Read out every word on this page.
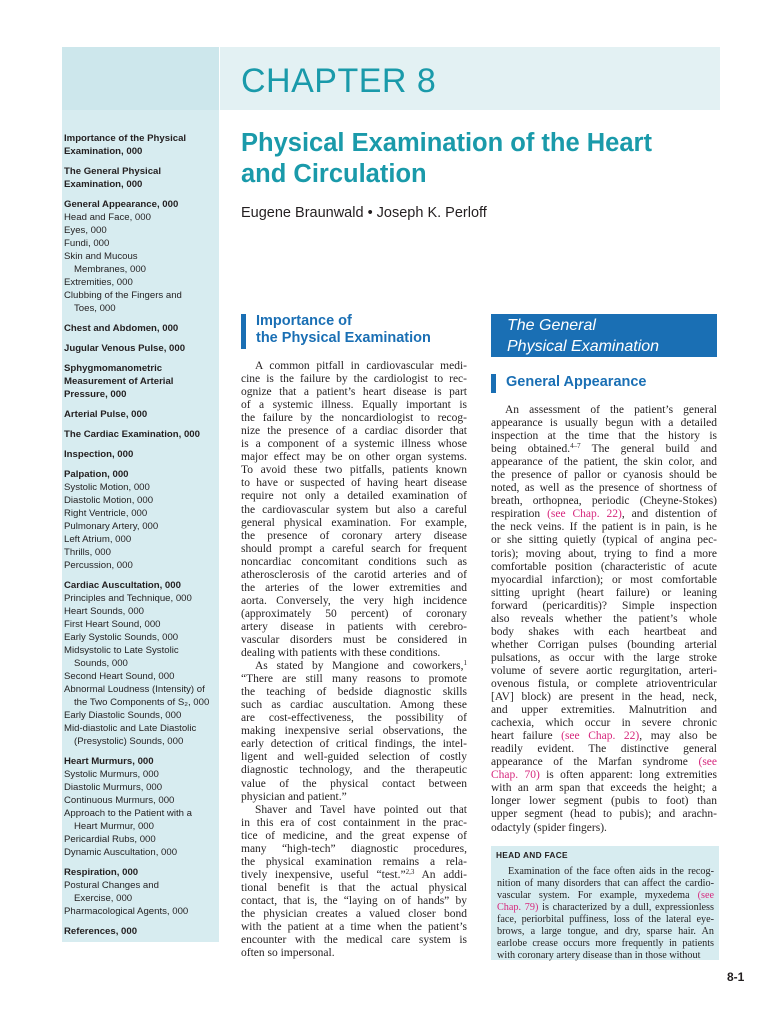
CHAPTER 8
Importance of the Physical
Examination, 000
The General Physical
Examination, 000
General Appearance, 000
Head and Face, 000
Eyes, 000
Fundi, 000
Skin and Mucous
Membranes, 000
Extremities, 000
Clubbing of the Fingers and
Toes, 000
Chest and Abdomen, 000
Jugular Venous Pulse, 000
Sphygmomanometric
Measurement of Arterial
Pressure, 000
Arterial Pulse, 000
The Cardiac Examination, 000
Inspection, 000
Palpation, 000
Systolic Motion, 000
Diastolic Motion, 000
Right Ventricle, 000
Pulmonary Artery, 000
Left Atrium, 000
Thrills, 000
Percussion, 000
Cardiac Auscultation, 000
Principles and Technique, 000
Heart Sounds, 000
First Heart Sound, 000
Early Systolic Sounds, 000
Midsystolic to Late Systolic
Sounds, 000
Second Heart Sound, 000
Abnormal Loudness (Intensity) of
the Two Components of S₂, 000
Early Diastolic Sounds, 000
Mid-diastolic and Late Diastolic
(Presystolic) Sounds, 000
Heart Murmurs, 000
Systolic Murmurs, 000
Diastolic Murmurs, 000
Continuous Murmurs, 000
Approach to the Patient with a
Heart Murmur, 000
Pericardial Rubs, 000
Dynamic Auscultation, 000
Respiration, 000
Postural Changes and
Exercise, 000
Pharmacological Agents, 000
References, 000
Physical Examination of the Heart
and Circulation
Eugene Braunwald • Joseph K. Perloff
Importance of
the Physical Examination
The General
Physical Examination
General Appearance
A common pitfall in cardiovascular medi-
cine is the failure by the cardiologist to rec-
ognize that a patient’s heart disease is part
of a systemic illness. Equally important is
the failure by the noncardiologist to recog-
nize the presence of a cardiac disorder that
is a component of a systemic illness whose
major effect may be on other organ systems.
To avoid these two pitfalls, patients known
to have or suspected of having heart disease
require not only a detailed examination of
the cardiovascular system but also a careful
general physical examination. For example,
the presence of coronary artery disease
should prompt a careful search for frequent
noncardiac concomitant conditions such as
atherosclerosis of the carotid arteries and of
the arteries of the lower extremities and
aorta. Conversely, the very high incidence
(approximately 50 percent) of coronary
artery disease in patients with cerebro-
vascular disorders must be considered in
dealing with patients with these conditions.
As stated by Mangione and coworkers,$^1$
“There are still many reasons to promote
the teaching of bedside diagnostic skills
such as cardiac auscultation. Among these
are cost-effectiveness, the possibility of
making inexpensive serial observations, the
early detection of critical findings, the intel-
ligent and well-guided selection of costly
diagnostic technology, and the therapeutic
value of the physical contact between
physician and patient.”
Shaver and Tavel have pointed out that
in this era of cost containment in the prac-
tice of medicine, and the great expense of
many “high-tech” diagnostic procedures,
the physical examination remains a rela-
tively inexpensive, useful “test.”$^{2,3}$ An addi-
tional benefit is that the actual physical
contact, that is, the “laying on of hands” by
the physician creates a valued closer bond
with the patient at a time when the patient’s
encounter with the medical care system is
often so impersonal.
An assessment of the patient’s general
appearance is usually begun with a detailed
inspection at the time that the history is
being obtained.$^{4-7}$ The general build and
appearance of the patient, the skin color, and
the presence of pallor or cyanosis should be
noted, as well as the presence of shortness of
breath, orthopnea, periodic (Cheyne-Stokes)
respiration (see Chap. 22), and distention of
the neck veins. If the patient is in pain, is he
or she sitting quietly (typical of angina pec-
toris); moving about, trying to find a more
comfortable position (characteristic of acute
myocardial infarction); or most comfortable
sitting upright (heart failure) or leaning
forward (pericarditis)? Simple inspection
also reveals whether the patient’s whole
body shakes with each heartbeat and
whether Corrigan pulses (bounding arterial
pulsations, as occur with the large stroke
volume of severe aortic regurgitation, arteri-
ovenous fistula, or complete atrioventricular
[AV] block) are present in the head, neck,
and upper extremities. Malnutrition and
cachexia, which occur in severe chronic
heart failure (see Chap. 22), may also be
readily evident. The distinctive general
appearance of the Marfan syndrome (see
Chap. 70) is often apparent: long extremities
with an arm span that exceeds the height; a
longer lower segment (pubis to foot) than
upper segment (head to pubis); and arachn-
odactyly (spider fingers).
HEAD AND FACE
Examination of the face often aids in the recog-
nition of many disorders that can affect the cardio-
vascular system. For example, myxedema (see
Chap. 79) is characterized by a dull, expressionless
face, periorbital puffiness, loss of the lateral eye-
brows, a large tongue, and dry, sparse hair. An
earlobe crease occurs more frequently in patients
with coronary artery disease than in those without
8-1
